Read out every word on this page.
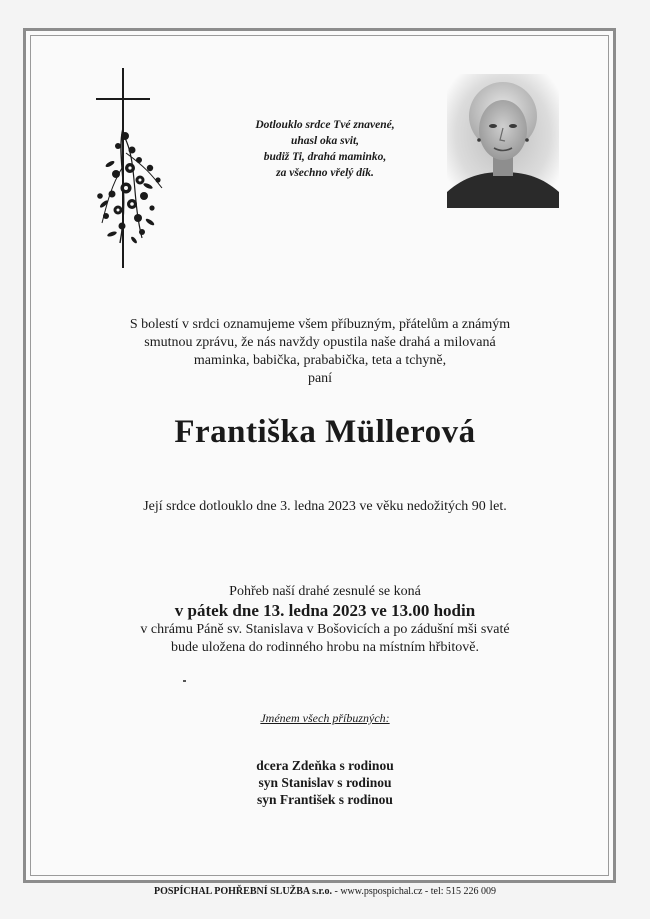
Dotlouklo srdce Tvé znavené,
uhasl oka svit,
budiž Ti, drahá maminko,
za všechno vřelý dík.
S bolestí v srdci oznamujeme všem příbuzným, přátelům a známým
smutnou zprávu, že nás navždy opustila naše drahá a milovaná
maminka, babička, prababička, teta a tchyně,
paní
Františka Müllerová
Její srdce dotlouklo dne 3. ledna 2023 ve věku nedožitých 90 let.
Pohřeb naší drahé zesnulé se koná
v pátek dne 13. ledna 2023 ve 13.00 hodin
v chrámu Páně sv. Stanislava v Bošovicích a po zádušní mši svaté
bude uložena do rodinného hrobu na místním hřbitově.
Jménem všech příbuzných:
dcera Zdeňka s rodinou
syn Stanislav s rodinou
syn František s rodinou
POSPÍCHAL POHŘEBNÍ SLUŽBA s.r.o. - www.pspospichal.cz - tel: 515 226 009
